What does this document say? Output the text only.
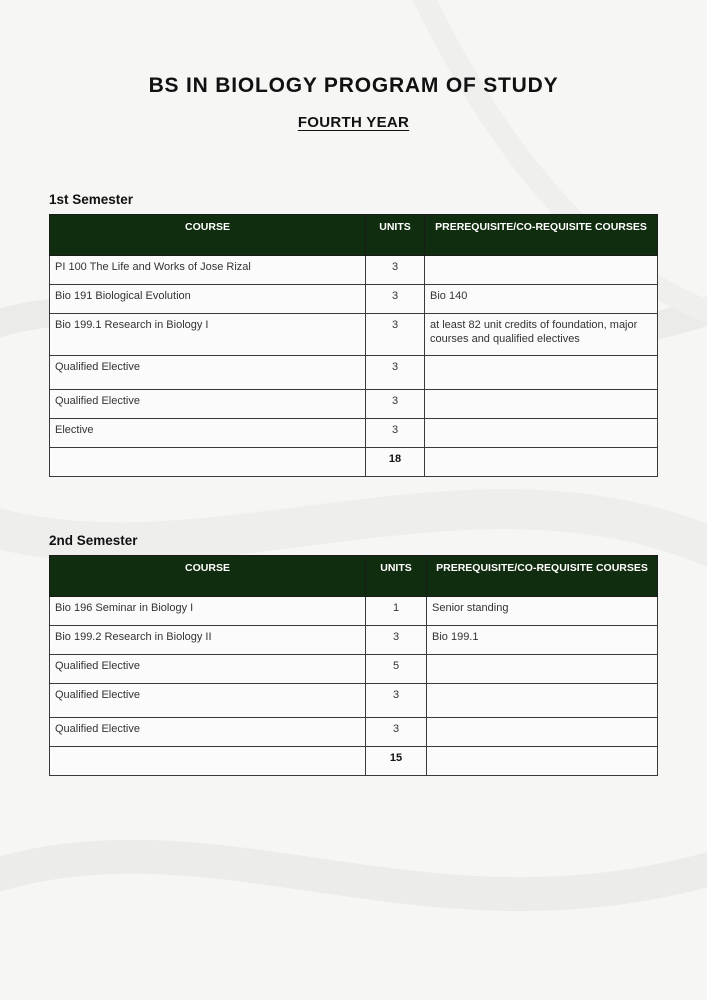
BS IN BIOLOGY PROGRAM OF STUDY
FOURTH YEAR
1st Semester
COURSE	UNITS	PREREQUISITE/CO-REQUISITE COURSES
PI 100 The Life and Works of Jose Rizal	3	
Bio 191 Biological Evolution	3	Bio 140
Bio 199.1 Research in Biology I	3	at least 82 unit credits of foundation, major courses and qualified electives
Qualified Elective	3	
Qualified Elective	3	
Elective	3	
	18	
2nd Semester
COURSE	UNITS	PREREQUISITE/CO-REQUISITE COURSES
Bio 196 Seminar in Biology I	1	Senior standing
Bio 199.2 Research in Biology II	3	Bio 199.1
Qualified Elective	5	
Qualified Elective	3	
Qualified Elective	3	
	15	
